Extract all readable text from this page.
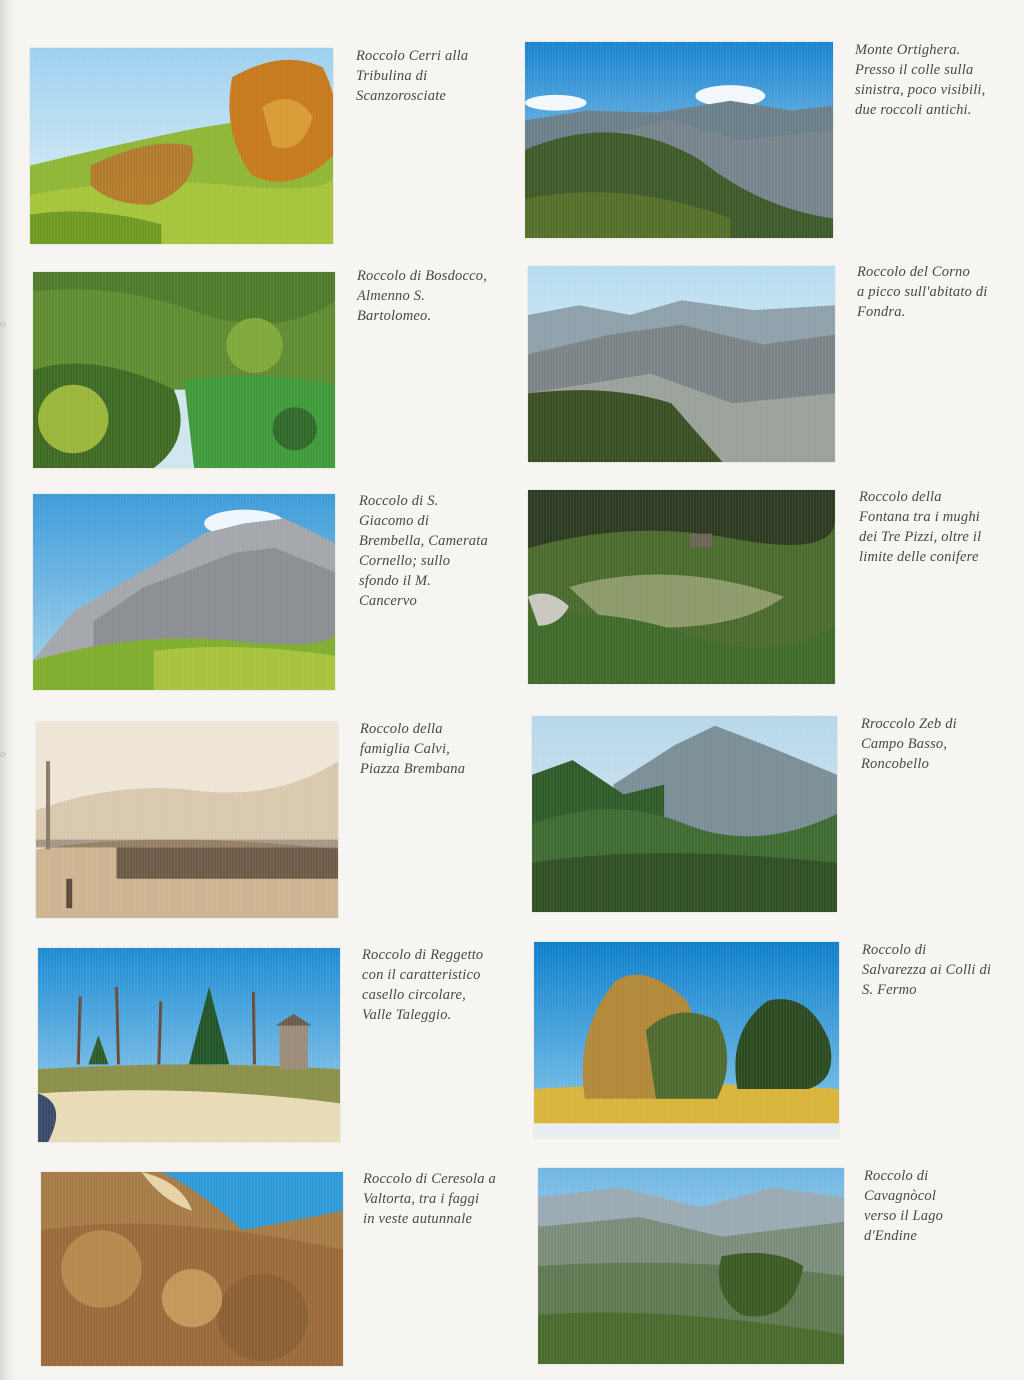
o
o
Roccolo Cerri alla
Tribulina di
Scanzorosciate
Roccolo di Bosdocco,
Almenno S.
Bartolomeo.
Roccolo di S.
Giacomo di
Brembella, Camerata
Cornello; sullo
sfondo il M.
Cancervo
Roccolo della
famiglia Calvi,
Piazza Brembana
Roccolo di Reggetto
con il caratteristico
casello circolare,
Valle Taleggio.
Roccolo di Ceresola a
Valtorta, tra i faggi
in veste autunnale
Monte Ortighera.
Presso il colle sulla
sinistra, poco visibili,
due roccoli antichi.
Roccolo del Corno
a picco sull'abitato di
Fondra.
Roccolo della
Fontana tra i mughi
dei Tre Pizzi, oltre il
limite delle conifere
Rroccolo Zeb di
Campo Basso,
Roncobello
Roccolo di
Salvarezza ai Colli di
S. Fermo
Roccolo di
Cavagnòcol
verso il Lago
d'Endine
